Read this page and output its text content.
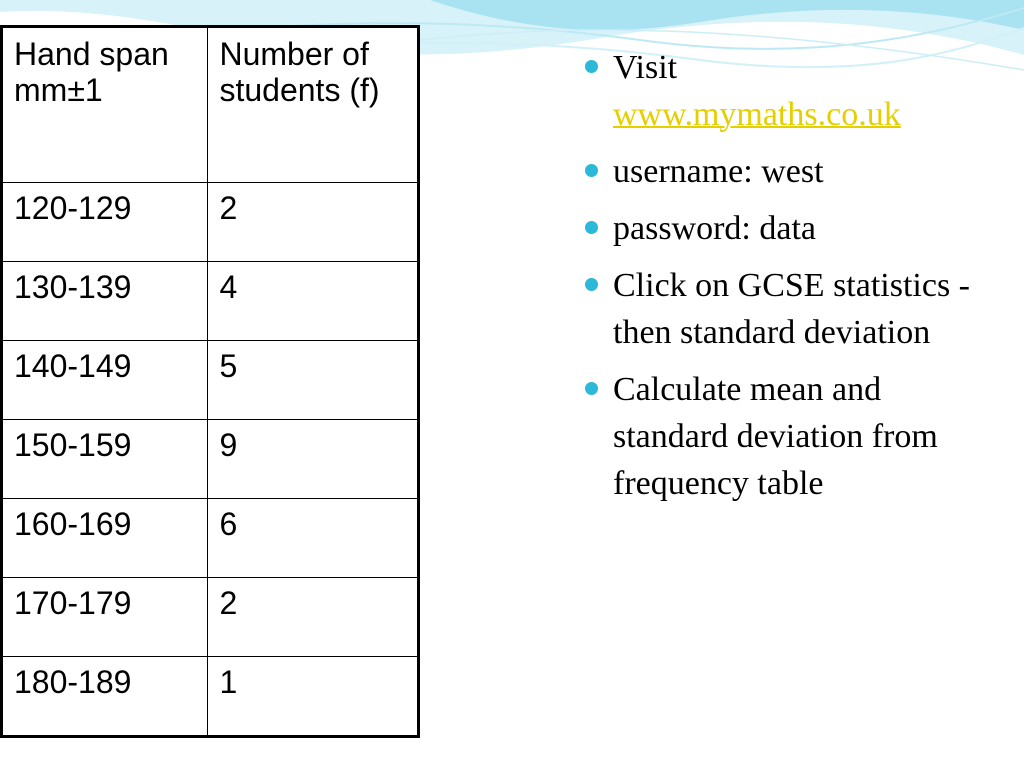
Hand span mm±1	Number of students (f)
120-129	2
130-139	4
140-149	5
150-159	9
160-169	6
170-179	2
180-189	1
Visit
www.mymaths.co.uk
username: west
password: data
Click on GCSE statistics - then standard deviation
Calculate mean and standard deviation from frequency table
